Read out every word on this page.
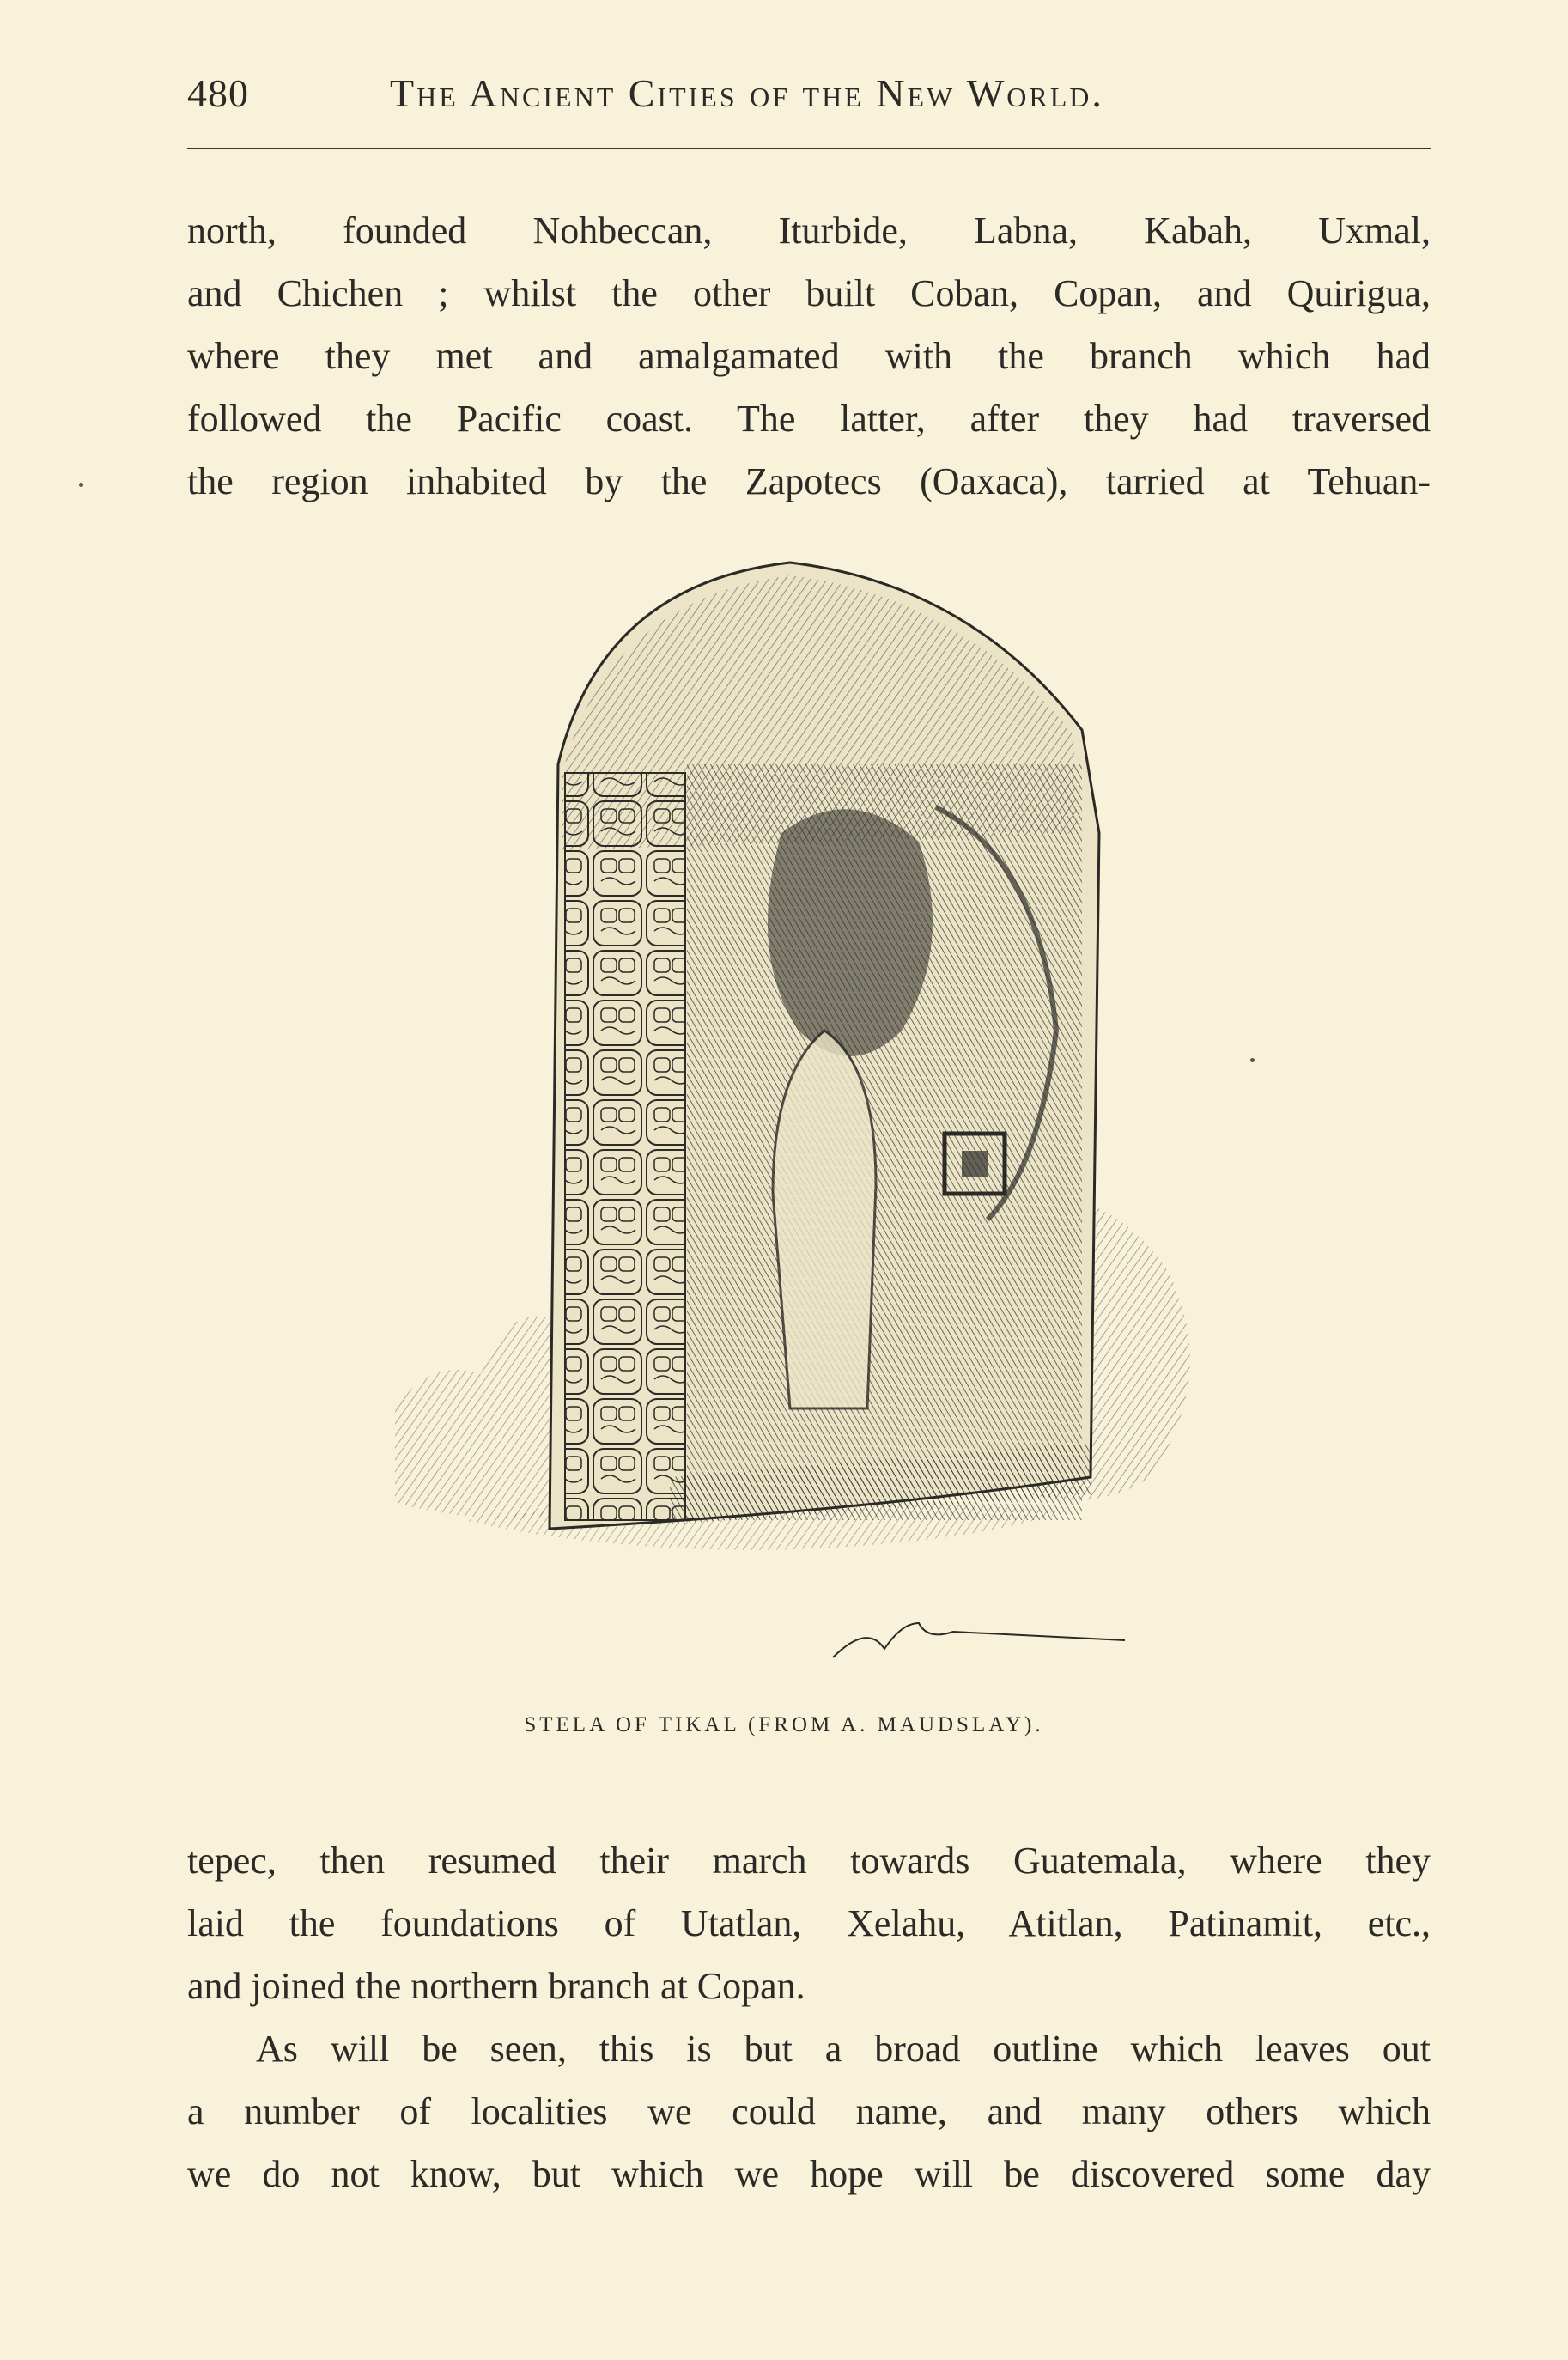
480	The Ancient Cities of the New World.

north, founded Nohbeccan, Iturbide, Labna, Kabah, Uxmal,
and Chichen ; whilst the other built Coban, Copan, and Quirigua,
where they met and amalgamated with the branch which had
followed the Pacific coast. The latter, after they had traversed
the region inhabited by the Zapotecs (Oaxaca), tarried at Tehuan-

STELA OF TIKAL (FROM A. MAUDSLAY).

tepec, then resumed their march towards Guatemala, where they
laid the foundations of Utatlan, Xelahu, Atitlan, Patinamit, etc.,
and joined the northern branch at Copan.

As will be seen, this is but a broad outline which leaves out
a number of localities we could name, and many others which
we do not know, but which we hope will be discovered some day
